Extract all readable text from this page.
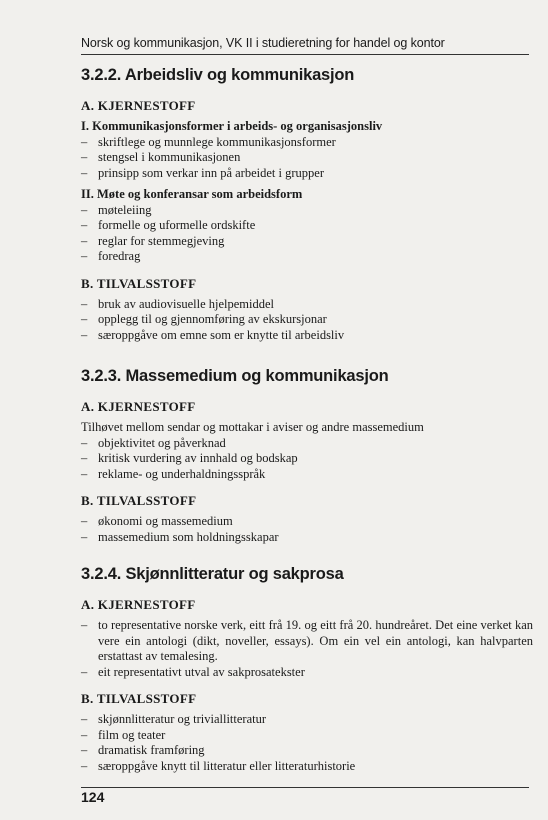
Norsk og kommunikasjon, VK II i studieretning for handel og kontor
3.2.2. Arbeidsliv og kommunikasjon
A. KJERNESTOFF
I. Kommunikasjonsformer i arbeids- og organisasjonsliv
– skriftlege og munnlege kommunikasjonsformer
– stengsel i kommunikasjonen
– prinsipp som verkar inn på arbeidet i grupper
II. Møte og konferansar som arbeidsform
– møteleiing
– formelle og uformelle ordskifte
– reglar for stemmegjeving
– foredrag
B. TILVALSSTOFF
– bruk av audiovisuelle hjelpemiddel
– opplegg til og gjennomføring av ekskursjonar
– særoppgåve om emne som er knytte til arbeidsliv
3.2.3. Massemedium og kommunikasjon
A. KJERNESTOFF

Tilhøvet mellom sendar og mottakar i aviser og andre massemedium

– objektivitet og påverknad
– kritisk vurdering av innhald og bodskap
– reklame- og underhaldningsspråk
B. TILVALSSTOFF
– økonomi og massemedium
– massemedium som holdningsskapar
3.2.4. Skjønnlitteratur og sakprosa
A. KJERNESTOFF
– to representative norske verk, eitt frå 19. og eitt frå 20. hundreåret. Det eine verket kan vere ein antologi (dikt, noveller, essays). Om ein vel ein antologi, kan halvparten erstattast av temalesing.
– eit representativt utval av sakprosatekster
B. TILVALSSTOFF
– skjønnlitteratur og triviallitteratur
– film og teater
– dramatisk framføring
– særoppgåve knytt til litteratur eller litteraturhistorie
124
